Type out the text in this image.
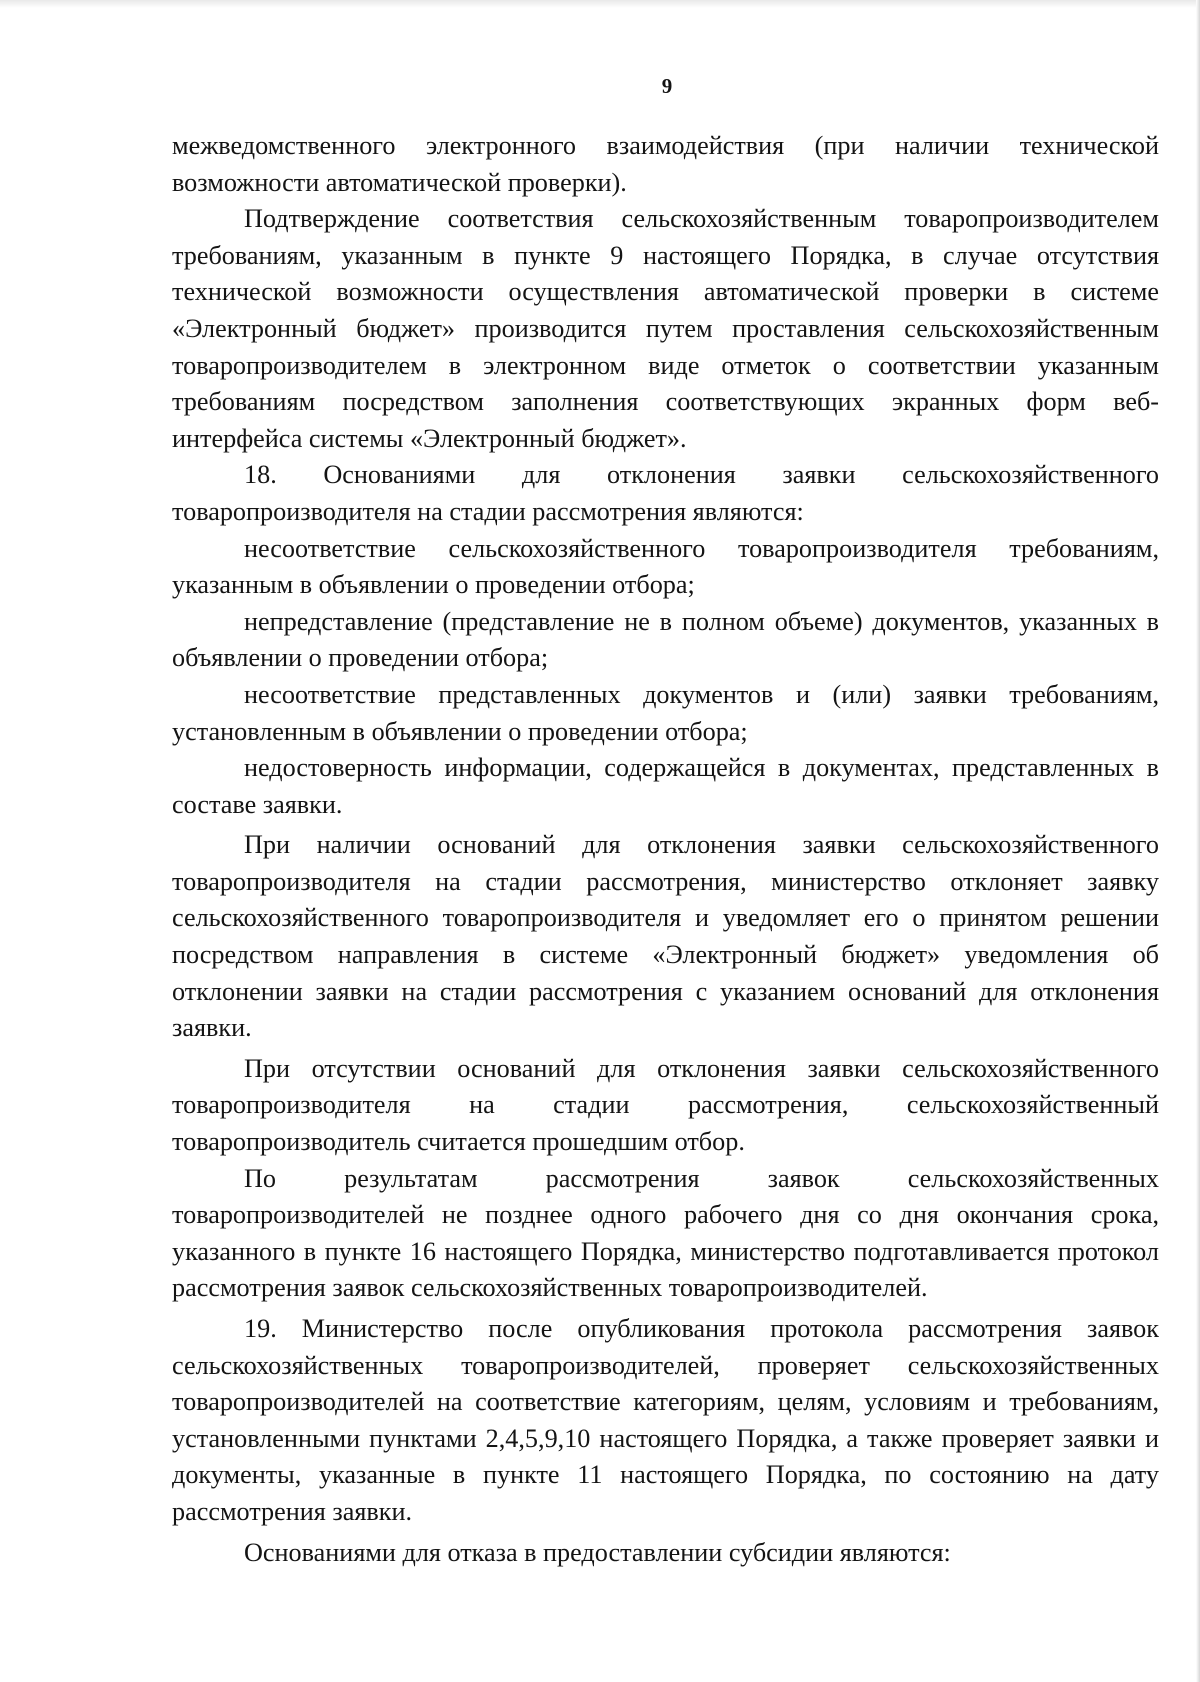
9

межведомственного электронного взаимодействия (при наличии технической возможности автоматической проверки).

Подтверждение соответствия сельскохозяйственным товаропроизводителем требованиям, указанным в пункте 9 настоящего Порядка, в случае отсутствия технической возможности осуществления автоматической проверки в системе «Электронный бюджет» производится путем проставления сельскохозяйственным товаропроизводителем в электронном виде отметок о соответствии указанным требованиям посредством заполнения соответствующих экранных форм веб-интерфейса системы «Электронный бюджет».

18. Основаниями для отклонения заявки сельскохозяйственного товаропроизводителя на стадии рассмотрения являются:

несоответствие сельскохозяйственного товаропроизводителя требованиям, указанным в объявлении о проведении отбора;

непредставление (представление не в полном объеме) документов, указанных в объявлении о проведении отбора;

несоответствие представленных документов и (или) заявки требованиям, установленным в объявлении о проведении отбора;

недостоверность информации, содержащейся в документах, представленных в составе заявки.

При наличии оснований для отклонения заявки сельскохозяйственного товаропроизводителя на стадии рассмотрения, министерство отклоняет заявку сельскохозяйственного товаропроизводителя и уведомляет его о принятом решении посредством направления в системе «Электронный бюджет» уведомления об отклонении заявки на стадии рассмотрения с указанием оснований для отклонения заявки.

При отсутствии оснований для отклонения заявки сельскохозяйственного товаропроизводителя на стадии рассмотрения, сельскохозяйственный товаропроизводитель считается прошедшим отбор.

По результатам рассмотрения заявок сельскохозяйственных товаропроизводителей не позднее одного рабочего дня со дня окончания срока, указанного в пункте 16 настоящего Порядка, министерство подготавливается протокол рассмотрения заявок сельскохозяйственных товаропроизводителей.

19. Министерство после опубликования протокола рассмотрения заявок сельскохозяйственных товаропроизводителей, проверяет сельскохозяйственных товаропроизводителей на соответствие категориям, целям, условиям и требованиям, установленными пунктами 2,4,5,9,10 настоящего Порядка, а также проверяет заявки и документы, указанные в пункте 11 настоящего Порядка, по состоянию на дату рассмотрения заявки.

Основаниями для отказа в предоставлении субсидии являются:
